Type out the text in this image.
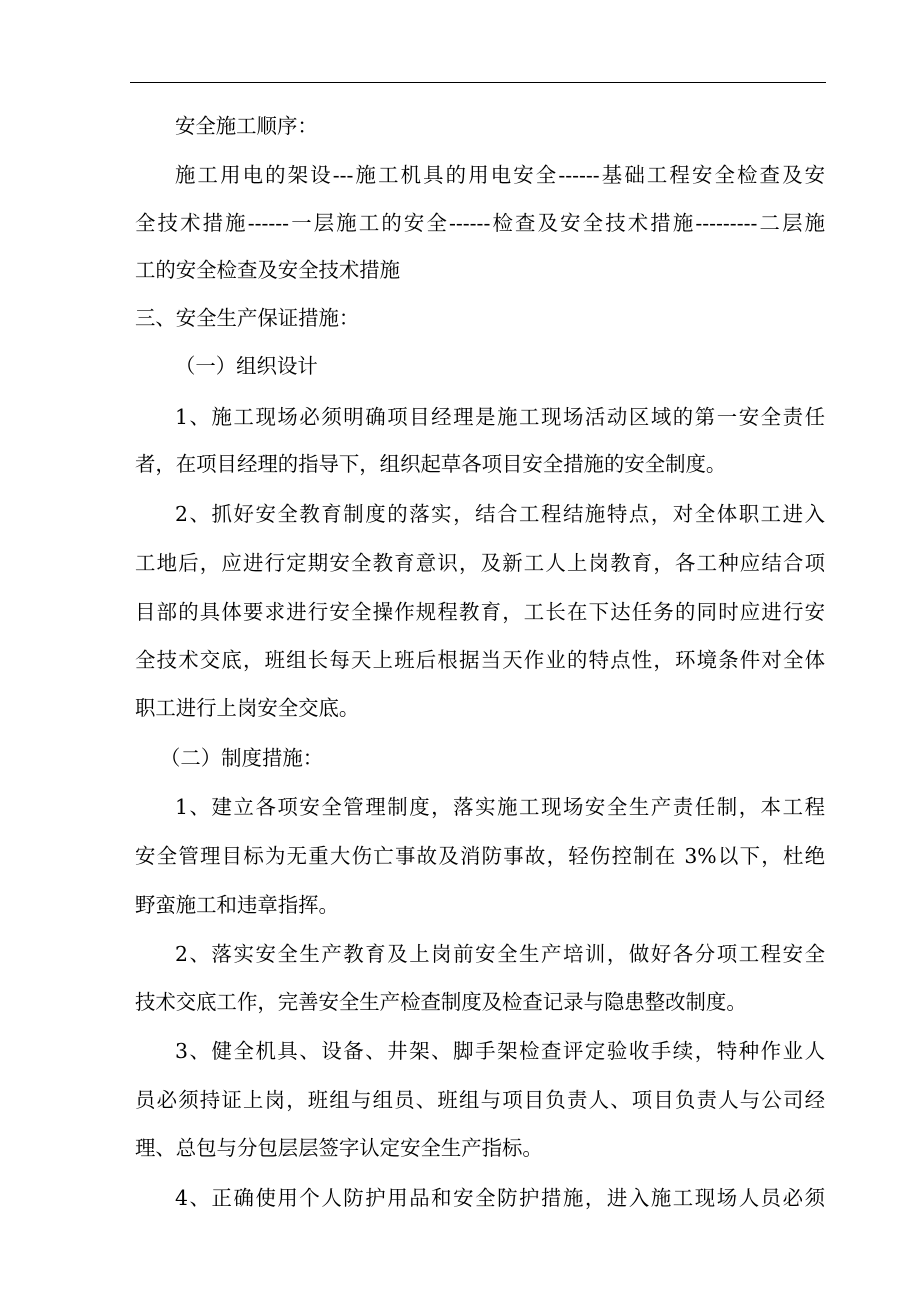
安全施工顺序：
施工用电的架设---施工机具的用电安全------基础工程安全检查及安
全技术措施------一层施工的安全------检查及安全技术措施---------二层施
工的安全检查及安全技术措施
三、安全生产保证措施：
（一）组织设计
1、施工现场必须明确项目经理是施工现场活动区域的第一安全责任
者，在项目经理的指导下，组织起草各项目安全措施的安全制度。
2、抓好安全教育制度的落实，结合工程结施特点，对全体职工进入
工地后，应进行定期安全教育意识，及新工人上岗教育，各工种应结合项
目部的具体要求进行安全操作规程教育，工长在下达任务的同时应进行安
全技术交底，班组长每天上班后根据当天作业的特点性，环境条件对全体
职工进行上岗安全交底。
（二）制度措施：
1、建立各项安全管理制度，落实施工现场安全生产责任制，本工程
安全管理目标为无重大伤亡事故及消防事故，轻伤控制在 3%以下，杜绝
野蛮施工和违章指挥。
2、落实安全生产教育及上岗前安全生产培训，做好各分项工程安全
技术交底工作，完善安全生产检查制度及检查记录与隐患整改制度。
3、健全机具、设备、井架、脚手架检查评定验收手续，特种作业人
员必须持证上岗，班组与组员、班组与项目负责人、项目负责人与公司经
理、总包与分包层层签字认定安全生产指标。
4、正确使用个人防护用品和安全防护措施，进入施工现场人员必须
